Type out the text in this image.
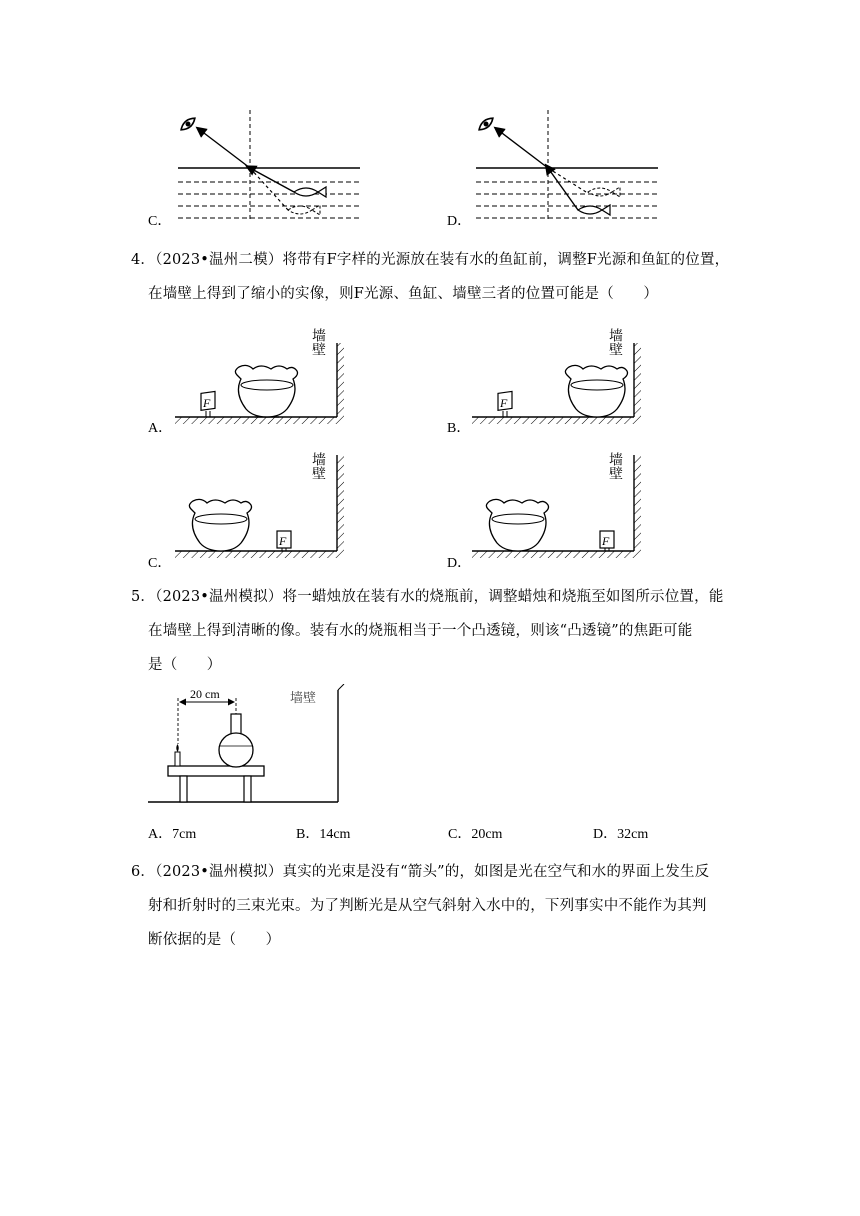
C．	D．
4．（2023•温州二模）将带有F字样的光源放在装有水的鱼缸前，调整F光源和鱼缸的位置，
在墙壁上得到了缩小的实像，则F光源、鱼缸、墙壁三者的位置可能是（　　）
墙壁
F
A．
墙壁
F
B．
墙壁
F
C．
墙壁
F
D．
5．（2023•温州模拟）将一蜡烛放在装有水的烧瓶前，调整蜡烛和烧瓶至如图所示位置，能
在墙壁上得到清晰的像。装有水的烧瓶相当于一个凸透镜，则该“凸透镜”的焦距可能
是（　　）
墙壁
20 cm
A．7cm	B．14cm	C．20cm	D．32cm
6．（2023•温州模拟）真实的光束是没有“箭头”的，如图是光在空气和水的界面上发生反
射和折射时的三束光束。为了判断光是从空气斜射入水中的，下列事实中不能作为其判
断依据的是（　　）
